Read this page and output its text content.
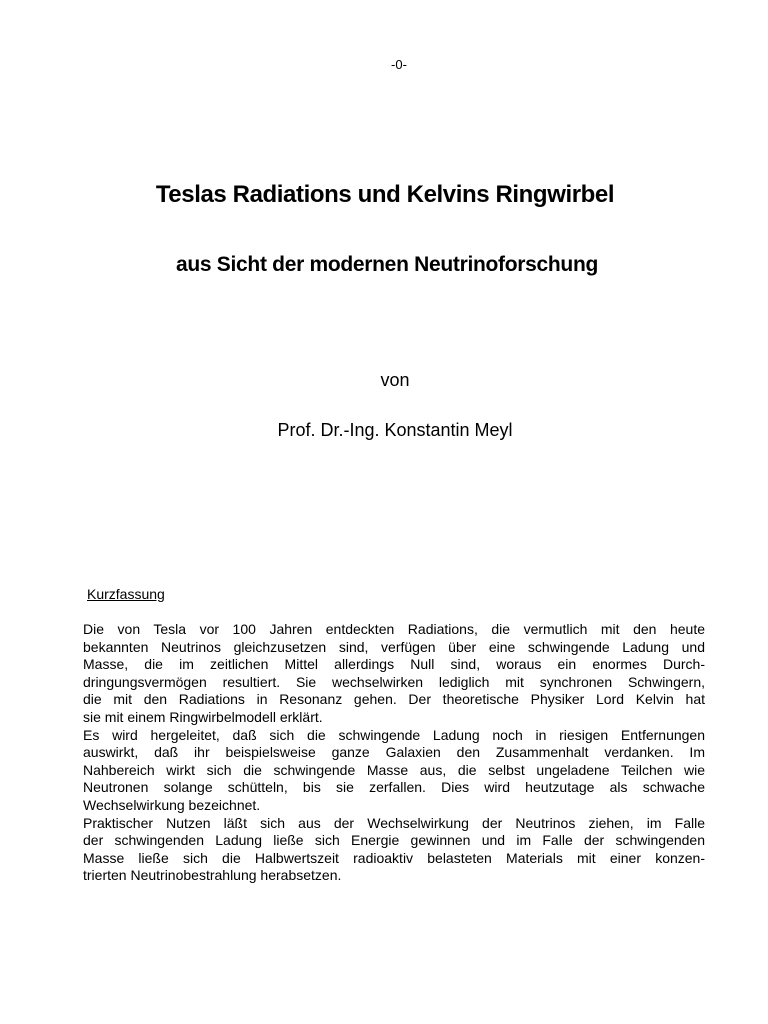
-0-
Teslas Radiations und Kelvins Ringwirbel
aus Sicht der modernen Neutrinoforschung
von
Prof. Dr.-Ing. Konstantin Meyl
Kurzfassung
Die von Tesla vor 100 Jahren entdeckten Radiations, die vermutlich mit den heute
bekannten Neutrinos gleichzusetzen sind, verfügen über eine schwingende Ladung und
Masse, die im zeitlichen Mittel allerdings Null sind, woraus ein enormes Durch-
dringungsvermögen resultiert. Sie wechselwirken lediglich mit synchronen Schwingern,
die mit den Radiations in Resonanz gehen. Der theoretische Physiker Lord Kelvin hat
sie mit einem Ringwirbelmodell erklärt.
Es wird hergeleitet, daß sich die schwingende Ladung noch in riesigen Entfernungen
auswirkt, daß ihr beispielsweise ganze Galaxien den Zusammenhalt verdanken. Im
Nahbereich wirkt sich die schwingende Masse aus, die selbst ungeladene Teilchen wie
Neutronen solange schütteln, bis sie zerfallen. Dies wird heutzutage als schwache
Wechselwirkung bezeichnet.
Praktischer Nutzen läßt sich aus der Wechselwirkung der Neutrinos ziehen, im Falle
der schwingenden Ladung ließe sich Energie gewinnen und im Falle der schwingenden
Masse ließe sich die Halbwertszeit radioaktiv belasteten Materials mit einer konzen-
trierten Neutrinobestrahlung herabsetzen.
